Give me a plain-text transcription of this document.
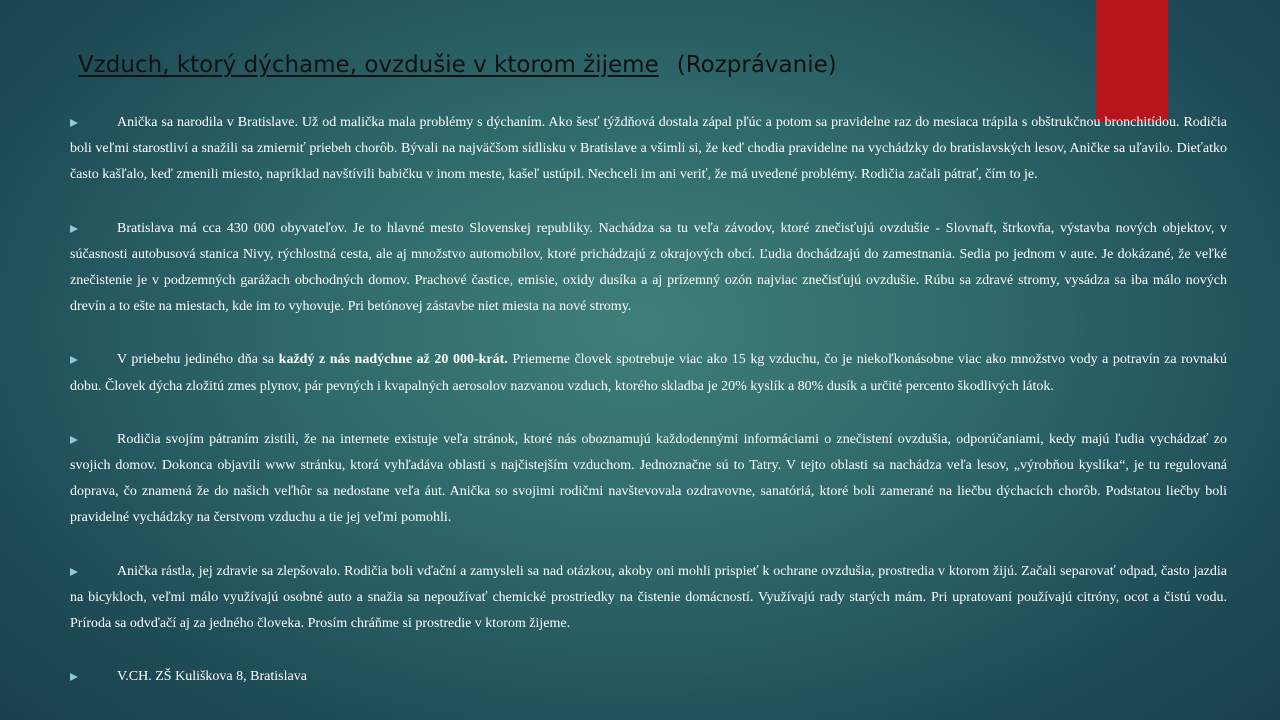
Vzduch, ktorý dýchame, ovzdušie v ktorom žijeme (Rozprávanie)

Anička sa narodila v Bratislave. Už od malička mala problémy s dýchaním. Ako šesť týždňová dostala zápal pľúc a potom sa pravidelne raz do mesiaca trápila s obštrukčnou bronchitídou. Rodičia boli veľmi starostliví a snažili sa zmierniť priebeh chorôb. Bývali na najväčšom sídlisku v Bratislave a všimli si, že keď chodia pravidelne na vychádzky do bratislavských lesov, Aničke sa uľavilo. Dieťatko často kašľalo, keď zmenili miesto, napríklad navštívili babičku v inom meste, kašeľ ustúpil. Nechceli im ani veriť, že má uvedené problémy. Rodičia začali pátrať, čím to je.

Bratislava má cca 430 000 obyvateľov. Je to hlavné mesto Slovenskej republiky. Nachádza sa tu veľa závodov, ktoré znečisťujú ovzdušie - Slovnaft, štrkovňa, výstavba nových objektov, v súčasnosti autobusová stanica Nivy, rýchlostná cesta, ale aj množstvo automobilov, ktoré prichádzajú z okrajových obcí. Ľudia dochádzajú do zamestnania. Sedia po jednom v aute. Je dokázané, že veľké znečistenie je v podzemných garážach obchodných domov. Prachové častice, emisie, oxidy dusíka a aj prízemný ozón najviac znečisťujú ovzdušie. Rúbu sa zdravé stromy, vysádza sa iba málo nových drevín a to ešte na miestach, kde im to vyhovuje. Pri betónovej zástavbe niet miesta na nové stromy.

V priebehu jediného dňa sa každý z nás nadýchne až 20 000-krát. Priemerne človek spotrebuje viac ako 15 kg vzduchu, čo je niekoľkonásobne viac ako množstvo vody a potravín za rovnakú dobu. Človek dýcha zložitú zmes plynov, pár pevných i kvapalných aerosolov nazvanou vzduch, ktorého skladba je 20% kyslík a 80% dusík a určité percento škodlivých látok.

Rodičia svojím pátraním zistili, že na internete existuje veľa stránok, ktoré nás oboznamujú každodennými informáciami o znečistení ovzdušia, odporúčaniami, kedy majú ľudia vychádzať zo svojich domov. Dokonca objavili www stránku, ktorá vyhľadáva oblasti s najčistejším vzduchom. Jednoznačne sú to Tatry. V tejto oblasti sa nachádza veľa lesov, „výrobňou kyslíka“, je tu regulovaná doprava, čo znamená že do našich veľhôr sa nedostane veľa áut. Anička so svojimi rodičmi navštevovala ozdravovne, sanatóriá, ktoré boli zamerané na liečbu dýchacích chorôb. Podstatou liečby boli pravidelné vychádzky na čerstvom vzduchu a tie jej veľmi pomohli.

Anička rástla, jej zdravie sa zlepšovalo. Rodičia boli vďační a zamysleli sa nad otázkou, akoby oni mohli prispieť k ochrane ovzdušia, prostredia v ktorom žijú. Začali separovať odpad, často jazdia na bicykloch, veľmi málo využívajú osobné auto a snažia sa nepoužívať chemické prostriedky na čistenie domácností. Využívajú rady starých mám. Pri upratovaní používajú citróny, ocot a čistú vodu. Príroda sa odvďačí aj za jedného človeka. Prosím chráňme si prostredie v ktorom žijeme.

V.CH. ZŠ Kuliškova 8, Bratislava
